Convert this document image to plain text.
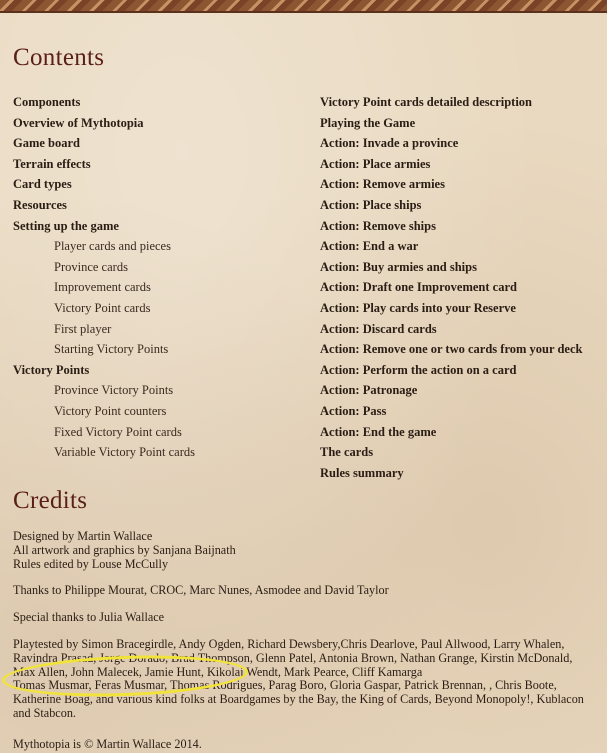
Contents
Components
Overview of Mythotopia
Game board
Terrain effects
Card types
Resources
Setting up the game
Player cards and pieces
Province cards
Improvement cards
Victory Point cards
First player
Starting Victory Points
Victory Points
Province Victory Points
Victory Point counters
Fixed Victory Point cards
Variable Victory Point cards
Victory Point cards detailed description
Playing the Game
Action: Invade a province
Action: Place armies
Action: Remove armies
Action: Place ships
Action: Remove ships
Action: End a war
Action: Buy armies and ships
Action: Draft one Improvement card
Action: Play cards into your Reserve
Action: Discard cards
Action: Remove one or two cards from your deck
Action: Perform the action on a card
Action: Patronage
Action: Pass
Action: End the game
The cards
Rules summary
Credits
Designed by Martin Wallace
All artwork and graphics by Sanjana Baijnath
Rules edited by Louse McCully
Thanks to Philippe Mourat, CROC, Marc Nunes, Asmodee and David Taylor
Special thanks to Julia Wallace
Playtested by Simon Bracegirdle, Andy Ogden, Richard Dewsbery,Chris Dearlove, Paul Allwood, Larry Whalen,
Ravindra Prasad, Jorge Dorado, Brad Thompson, Glenn Patel, Antonia Brown, Nathan Grange, Kirstin McDonald,
Max Allen, John Malecek, Jamie Hunt, Kikolaj Wendt, Mark Pearce, Cliff Kamarga
Tomas Musmar, Feras Musmar, Thomas Rodrigues, Parag Boro, Gloria Gaspar, Patrick Brennan, , Chris Boote,
Katherine Boag, and various kind folks at Boardgames by the Bay, the King of Cards, Beyond Monopoly!, Kublacon
and Stabcon.
Mythotopia is © Martin Wallace 2014.
